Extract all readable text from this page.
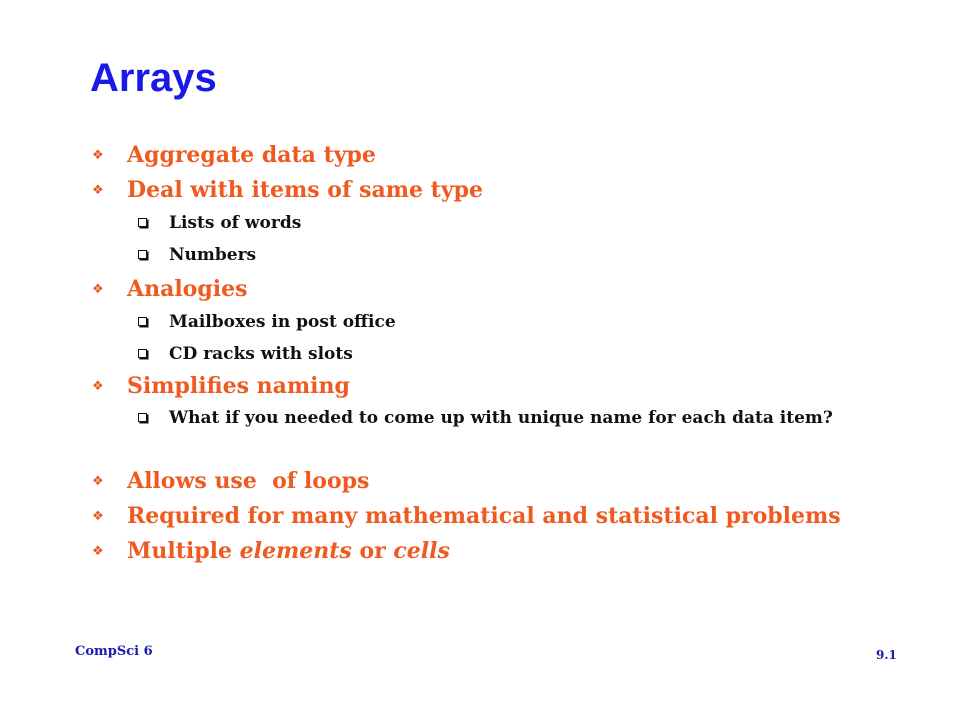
Arrays
❖ Aggregate data type
❖ Deal with items of same type
Lists of words
Numbers
❖ Analogies
Mailboxes in post office
CD racks with slots
❖ Simplifies naming
What if you needed to come up with unique name for each data item?
❖ Allows use  of loops
❖ Required for many mathematical and statistical problems
❖ Multiple elements or cells
CompSci 6	9.1
